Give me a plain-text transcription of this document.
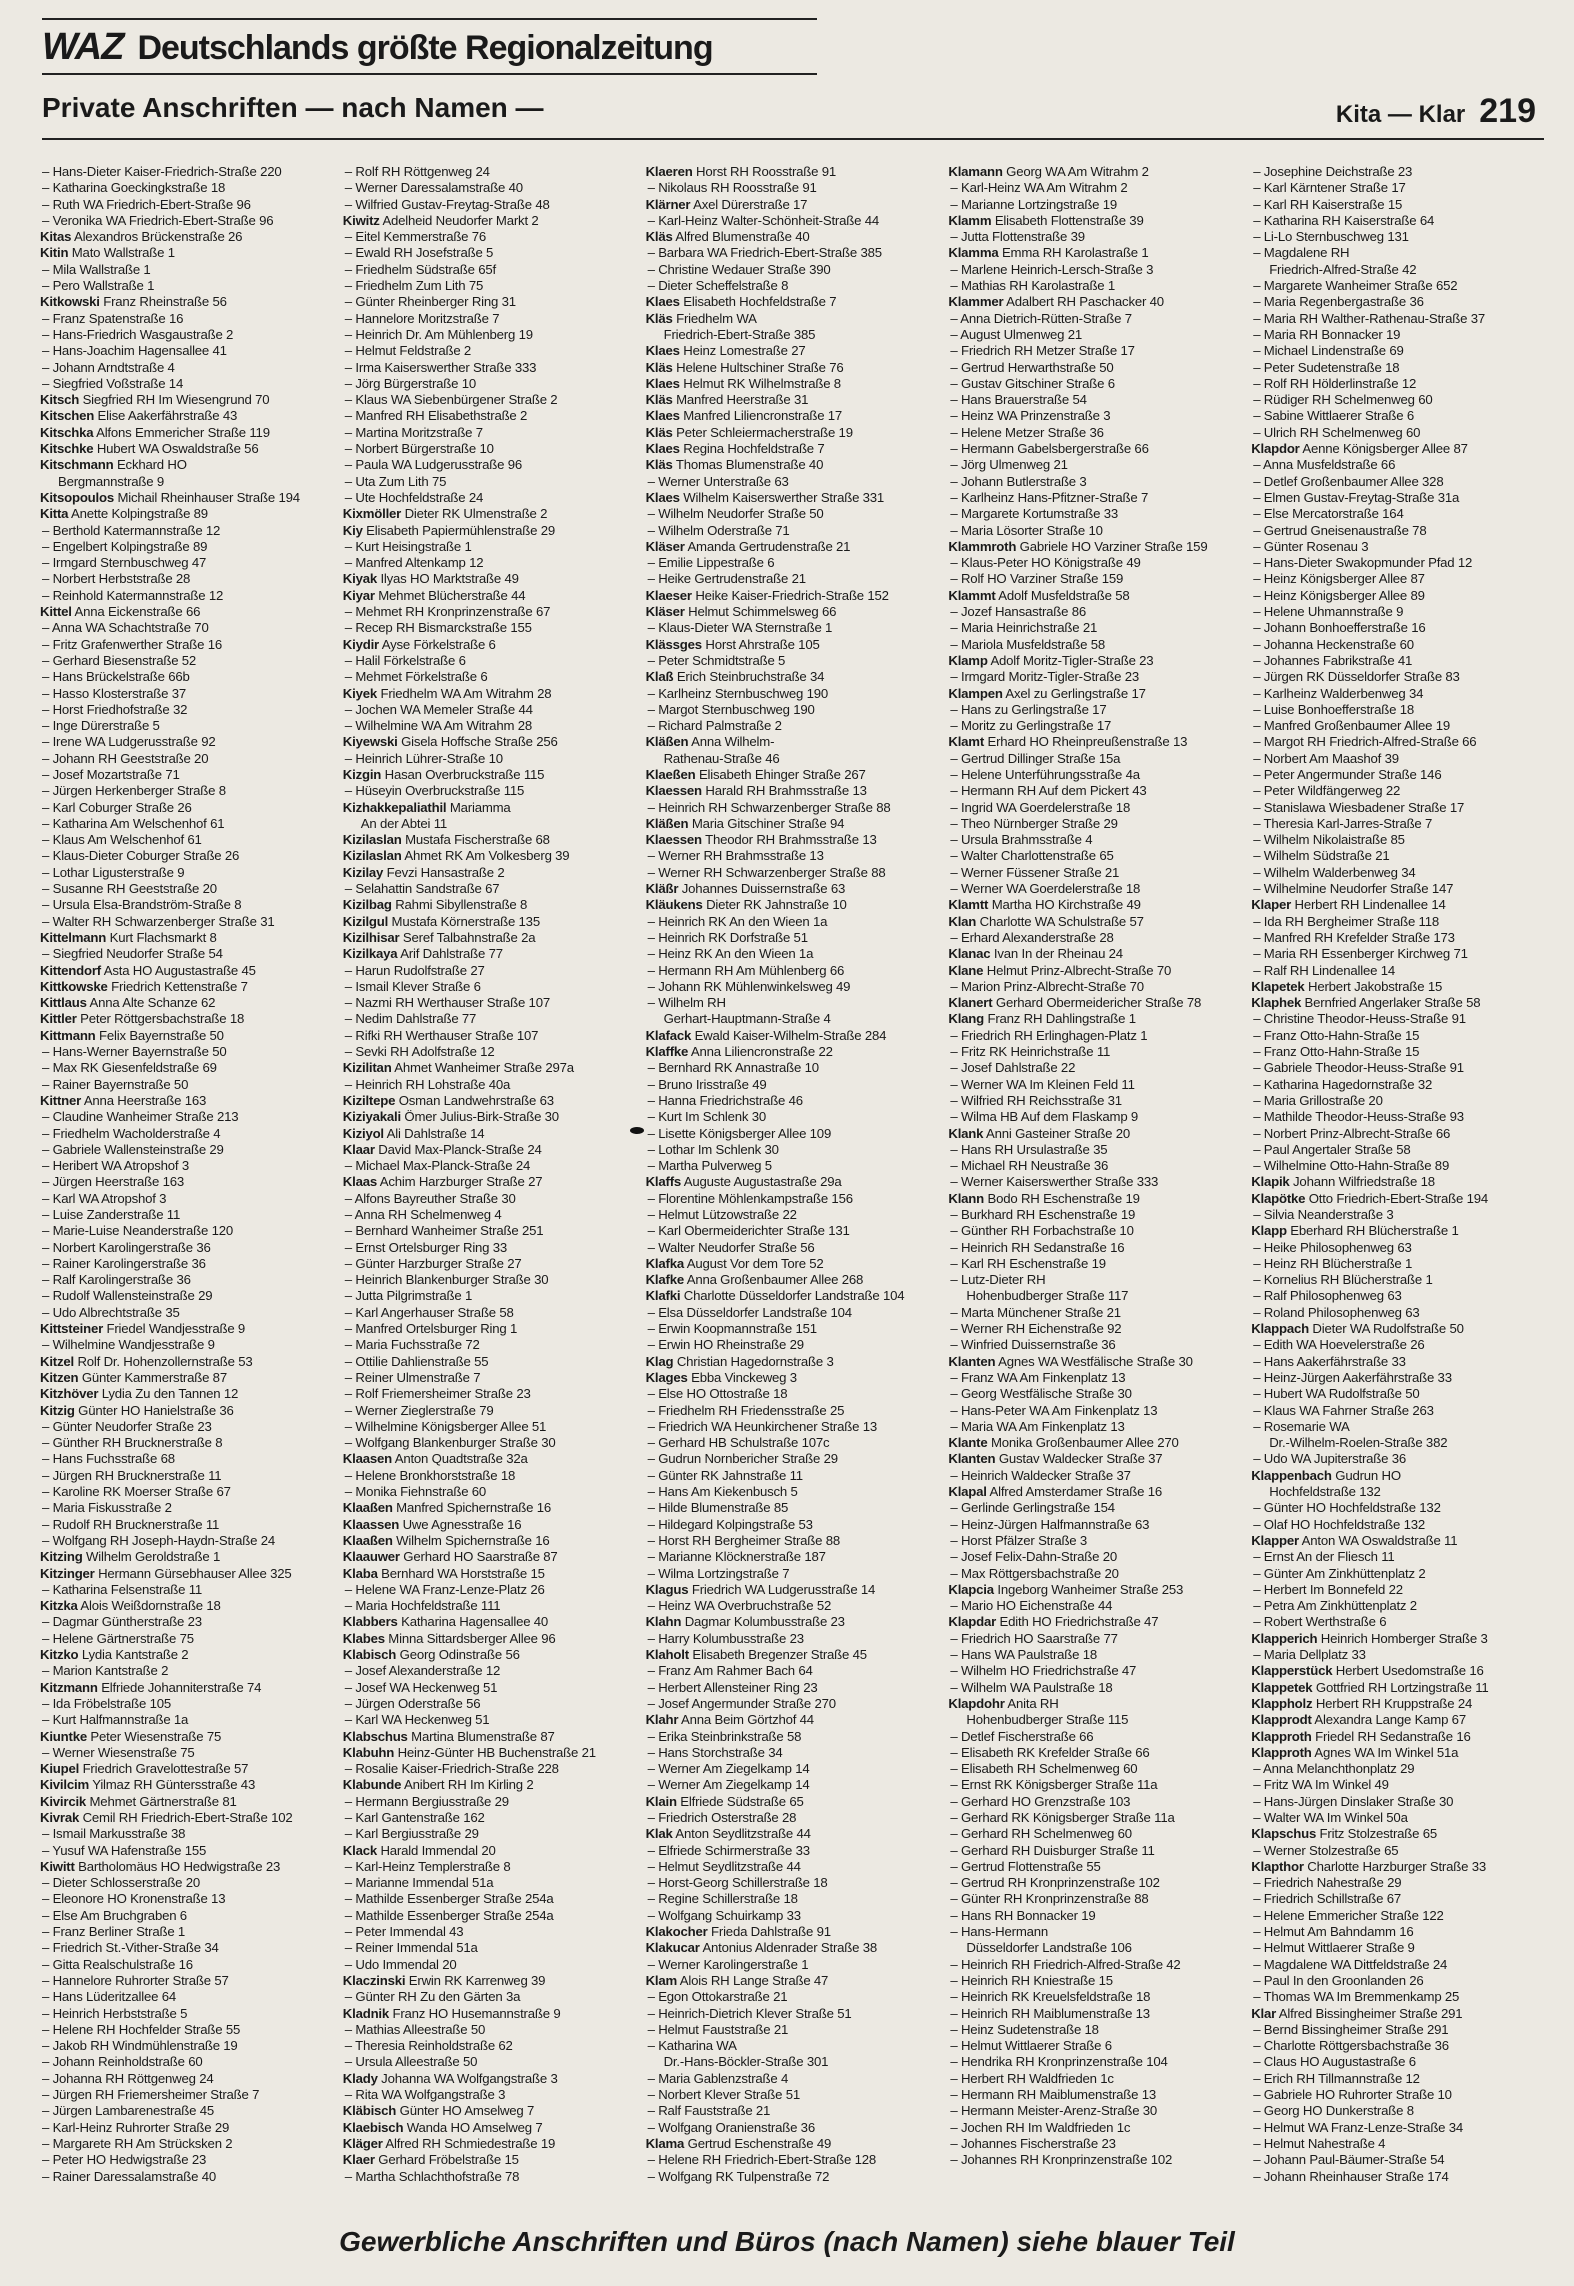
WAZ Deutschlands größte Regionalzeitung
Private Anschriften — nach Namen —	Kita — Klar 219
– Hans-Dieter Kaiser-Friedrich-Straße 220
– Katharina Goeckingkstraße 18
– Ruth WA Friedrich-Ebert-Straße 96
– Veronika WA Friedrich-Ebert-Straße 96
Kitas Alexandros Brückenstraße 26
Kitin Mato Wallstraße 1
– Mila Wallstraße 1
– Pero Wallstraße 1
Kitkowski Franz Rheinstraße 56
– Franz Spatenstraße 16
– Hans-Friedrich Wasgaustraße 2
– Hans-Joachim Hagensallee 41
– Johann Arndtstraße 4
– Siegfried Voßstraße 14
Kitsch Siegfried RH Im Wiesengrund 70
Kitschen Elise Aakerfährstraße 43
Kitschka Alfons Emmericher Straße 119
Kitschke Hubert WA Oswaldstraße 56
Kitschmann Eckhard HO
Bergmannstraße 9
Kitsopoulos Michail Rheinhauser Straße 194
Kitta Anette Kolpingstraße 89
– Berthold Katermannstraße 12
– Engelbert Kolpingstraße 89
– Irmgard Sternbuschweg 47
– Norbert Herbststraße 28
– Reinhold Katermannstraße 12
Kittel Anna Eickenstraße 66
– Anna WA Schachtstraße 70
– Fritz Grafenwerther Straße 16
– Gerhard Biesenstraße 52
– Hans Brückelstraße 66b
– Hasso Klosterstraße 37
– Horst Friedhofstraße 32
– Inge Dürerstraße 5
– Irene WA Ludgerusstraße 92
– Johann RH Geeststraße 20
– Josef Mozartstraße 71
– Jürgen Herkenberger Straße 8
– Karl Coburger Straße 26
– Katharina Am Welschenhof 61
– Klaus Am Welschenhof 61
– Klaus-Dieter Coburger Straße 26
– Lothar Ligusterstraße 9
– Susanne RH Geeststraße 20
– Ursula Elsa-Brandström-Straße 8
– Walter RH Schwarzenberger Straße 31
Kittelmann Kurt Flachsmarkt 8
– Siegfried Neudorfer Straße 54
Kittendorf Asta HO Augustastraße 45
Kittkowske Friedrich Kettenstraße 7
Kittlaus Anna Alte Schanze 62
Kittler Peter Röttgersbachstraße 18
Kittmann Felix Bayernstraße 50
– Hans-Werner Bayernstraße 50
– Max RK Giesenfeldstraße 69
– Rainer Bayernstraße 50
Kittner Anna Heerstraße 163
– Claudine Wanheimer Straße 213
– Friedhelm Wacholderstraße 4
– Gabriele Wallensteinstraße 29
– Heribert WA Atropshof 3
– Jürgen Heerstraße 163
– Karl WA Atropshof 3
– Luise Zanderstraße 11
– Marie-Luise Neanderstraße 120
– Norbert Karolingerstraße 36
– Rainer Karolingerstraße 36
– Ralf Karolingerstraße 36
– Rudolf Wallensteinstraße 29
– Udo Albrechtstraße 35
Kittsteiner Friedel Wandjesstraße 9
– Wilhelmine Wandjesstraße 9
Kitzel Rolf Dr. Hohenzollernstraße 53
Kitzen Günter Kammerstraße 87
Kitzhöver Lydia Zu den Tannen 12
Kitzig Günter HO Hanielstraße 36
– Günter Neudorfer Straße 23
– Günther RH Brucknerstraße 8
– Hans Fuchsstraße 68
– Jürgen RH Brucknerstraße 11
– Karoline RK Moerser Straße 67
– Maria Fiskusstraße 2
– Rudolf RH Brucknerstraße 11
– Wolfgang RH Joseph-Haydn-Straße 24
Kitzing Wilhelm Geroldstraße 1
Kitzinger Hermann Gürsebhauser Allee 325
– Katharina Felsenstraße 11
Kitzka Alois Weißdornstraße 18
– Dagmar Güntherstraße 23
– Helene Gärtnerstraße 75
Kitzko Lydia Kantstraße 2
– Marion Kantstraße 2
Kitzmann Elfriede Johanniterstraße 74
– Ida Fröbelstraße 105
– Kurt Halfmannstraße 1a
Kiuntke Peter Wiesenstraße 75
– Werner Wiesenstraße 75
Kiupel Friedrich Gravelottestraße 57
Kivilcim Yilmaz RH Güntersstraße 43
Kivircik Mehmet Gärtnerstraße 81
Kivrak Cemil RH Friedrich-Ebert-Straße 102
– Ismail Markusstraße 38
– Yusuf WA Hafenstraße 155
Kiwitt Bartholomäus HO Hedwigstraße 23
– Dieter Schlosserstraße 20
– Eleonore HO Kronenstraße 13
– Else Am Bruchgraben 6
– Franz Berliner Straße 1
– Friedrich St.-Vither-Straße 34
– Gitta Realschulstraße 16
– Hannelore Ruhrorter Straße 57
– Hans Lüderitzallee 64
– Heinrich Herbststraße 5
– Helene RH Hochfelder Straße 55
– Jakob RH Windmühlenstraße 19
– Johann Reinholdstraße 60
– Johanna RH Röttgenweg 24
– Jürgen RH Friemersheimer Straße 7
– Jürgen Lambarenestraße 45
– Karl-Heinz Ruhrorter Straße 29
– Margarete RH Am Strücksken 2
– Peter HO Hedwigstraße 23
– Rainer Daressalamstraße 40
– Rolf RH Röttgenweg 24
– Werner Daressalamstraße 40
– Wilfried Gustav-Freytag-Straße 48
Kiwitz Adelheid Neudorfer Markt 2
– Eitel Kemmerstraße 76
– Ewald RH Josefstraße 5
– Friedhelm Südstraße 65f
– Friedhelm Zum Lith 75
– Günter Rheinberger Ring 31
– Hannelore Moritzstraße 7
– Heinrich Dr. Am Mühlenberg 19
– Helmut Feldstraße 2
– Irma Kaiserswerther Straße 333
– Jörg Bürgerstraße 10
– Klaus WA Siebenbürgener Straße 2
– Manfred RH Elisabethstraße 2
– Martina Moritzstraße 7
– Norbert Bürgerstraße 10
– Paula WA Ludgerusstraße 96
– Uta Zum Lith 75
– Ute Hochfeldstraße 24
Kixmöller Dieter RK Ulmenstraße 2
Kiy Elisabeth Papiermühlenstraße 29
– Kurt Heisingstraße 1
– Manfred Altenkamp 12
Kiyak Ilyas HO Marktstraße 49
Kiyar Mehmet Blücherstraße 44
– Mehmet RH Kronprinzenstraße 67
– Recep RH Bismarckstraße 155
Kiydir Ayse Förkelstraße 6
– Halil Förkelstraße 6
– Mehmet Förkelstraße 6
Kiyek Friedhelm WA Am Witrahm 28
– Jochen WA Memeler Straße 44
– Wilhelmine WA Am Witrahm 28
Kiyewski Gisela Hoffsche Straße 256
– Heinrich Lührer-Straße 10
Kizgin Hasan Overbruckstraße 115
– Hüseyin Overbruckstraße 115
Kizhakkepaliathil Mariamma
An der Abtei 11
Kizilaslan Mustafa Fischerstraße 68
Kizilaslan Ahmet RK Am Volkesberg 39
Kizilay Fevzi Hansastraße 2
– Selahattin Sandstraße 67
Kizilbag Rahmi Sibyllenstraße 8
Kizilgul Mustafa Körnerstraße 135
Kizilhisar Seref Talbahnstraße 2a
Kizilkaya Arif Dahlstraße 77
– Harun Rudolfstraße 27
– Ismail Klever Straße 6
– Nazmi RH Werthauser Straße 107
– Nedim Dahlstraße 77
– Rifki RH Werthauser Straße 107
– Sevki RH Adolfstraße 12
Kizilitan Ahmet Wanheimer Straße 297a
– Heinrich RH Lohstraße 40a
Kiziltepe Osman Landwehrstraße 63
Kiziyakali Ömer Julius-Birk-Straße 30
Kiziyol Ali Dahlstraße 14
Klaar David Max-Planck-Straße 24
– Michael Max-Planck-Straße 24
Klaas Achim Harzburger Straße 27
– Alfons Bayreuther Straße 30
– Anna RH Schelmenweg 4
– Bernhard Wanheimer Straße 251
– Ernst Ortelsburger Ring 33
– Günter Harzburger Straße 27
– Heinrich Blankenburger Straße 30
– Jutta Pilgrimstraße 1
– Karl Angerhauser Straße 58
– Manfred Ortelsburger Ring 1
– Maria Fuchsstraße 72
– Ottilie Dahlienstraße 55
– Reiner Ulmenstraße 7
– Rolf Friemersheimer Straße 23
– Werner Zieglerstraße 79
– Wilhelmine Königsberger Allee 51
– Wolfgang Blankenburger Straße 30
Klaasen Anton Quadtstraße 32a
– Helene Bronkhorststraße 18
– Monika Fiehnstraße 60
Klaaßen Manfred Spichernstraße 16
Klaassen Uwe Agnesstraße 16
Klaaßen Wilhelm Spichernstraße 16
Klaauwer Gerhard HO Saarstraße 87
Klaba Bernhard WA Horststraße 15
– Helene WA Franz-Lenze-Platz 26
– Maria Hochfeldstraße 111
Klabbers Katharina Hagensallee 40
Klabes Minna Sittardsberger Allee 96
Klabisch Georg Odinstraße 56
– Josef Alexanderstraße 12
– Josef WA Heckenweg 51
– Jürgen Oderstraße 56
– Karl WA Heckenweg 51
Klabschus Martina Blumenstraße 87
Klabuhn Heinz-Günter HB Buchenstraße 21
– Rosalie Kaiser-Friedrich-Straße 228
Klabunde Anibert RH Im Kirling 2
– Hermann Bergiusstraße 29
– Karl Gantenstraße 162
– Karl Bergiusstraße 29
Klack Harald Immendal 20
– Karl-Heinz Templerstraße 8
– Marianne Immendal 51a
– Mathilde Essenberger Straße 254a
– Mathilde Essenberger Straße 254a
– Peter Immendal 43
– Reiner Immendal 51a
– Udo Immendal 20
Klaczinski Erwin RK Karrenweg 39
– Günter RH Zu den Gärten 3a
Kladnik Franz HO Husemannstraße 9
– Mathias Alleestraße 50
– Theresia Reinholdstraße 62
– Ursula Alleestraße 50
Klady Johanna WA Wolfgangstraße 3
– Rita WA Wolfgangstraße 3
Kläbisch Günter HO Amselweg 7
Klaebisch Wanda HO Amselweg 7
Kläger Alfred RH Schmiedestraße 19
Klaer Gerhard Fröbelstraße 15
– Martha Schlachthofstraße 78
Klaeren Horst RH Roosstraße 91
– Nikolaus RH Roosstraße 91
Klärner Axel Dürerstraße 17
– Karl-Heinz Walter-Schönheit-Straße 44
Kläs Alfred Blumenstraße 40
– Barbara WA Friedrich-Ebert-Straße 385
– Christine Wedauer Straße 390
– Dieter Scheffelstraße 8
Klaes Elisabeth Hochfeldstraße 7
Kläs Friedhelm WA
Friedrich-Ebert-Straße 385
Klaes Heinz Lomestraße 27
Kläs Helene Hultschiner Straße 76
Klaes Helmut RK Wilhelmstraße 8
Kläs Manfred Heerstraße 31
Klaes Manfred Liliencronstraße 17
Kläs Peter Schleiermacherstraße 19
Klaes Regina Hochfeldstraße 7
Kläs Thomas Blumenstraße 40
– Werner Unterstraße 63
Klaes Wilhelm Kaiserswerther Straße 331
– Wilhelm Neudorfer Straße 50
– Wilhelm Oderstraße 71
Kläser Amanda Gertrudenstraße 21
– Emilie Lippestraße 6
– Heike Gertrudenstraße 21
Klaeser Heike Kaiser-Friedrich-Straße 152
Kläser Helmut Schimmelsweg 66
– Klaus-Dieter WA Sternstraße 1
Klässges Horst Ahrstraße 105
– Peter Schmidtstraße 5
Klaß Erich Steinbruchstraße 34
– Karlheinz Sternbuschweg 190
– Margot Sternbuschweg 190
– Richard Palmstraße 2
Kläßen Anna Wilhelm-
Rathenau-Straße 46
Klaeßen Elisabeth Ehinger Straße 267
Klaessen Harald RH Brahmsstraße 13
– Heinrich RH Schwarzenberger Straße 88
Kläßen Maria Gitschiner Straße 94
Klaessen Theodor RH Brahmsstraße 13
– Werner RH Brahmsstraße 13
– Werner RH Schwarzenberger Straße 88
Kläßr Johannes Duissernstraße 63
Kläukens Dieter RK Jahnstraße 10
– Heinrich RK An den Wieen 1a
– Heinrich RK Dorfstraße 51
– Heinz RK An den Wieen 1a
– Hermann RH Am Mühlenberg 66
– Johann RK Mühlenwinkelsweg 49
– Wilhelm RH
Gerhart-Hauptmann-Straße 4
Klafack Ewald Kaiser-Wilhelm-Straße 284
Klaffke Anna Liliencronstraße 22
– Bernhard RK Annastraße 10
– Bruno Irisstraße 49
– Hanna Friedrichstraße 46
– Kurt Im Schlenk 30
– Lisette Königsberger Allee 109
– Lothar Im Schlenk 30
– Martha Pulverweg 5
Klaffs Auguste Augustastraße 29a
– Florentine Möhlenkampstraße 156
– Helmut Lützowstraße 22
– Karl Obermeiderichter Straße 131
– Walter Neudorfer Straße 56
Klafka August Vor dem Tore 52
Klafke Anna Großenbaumer Allee 268
Klafki Charlotte Düsseldorfer Landstraße 104
– Elsa Düsseldorfer Landstraße 104
– Erwin Koopmannstraße 151
– Erwin HO Rheinstraße 29
Klag Christian Hagedornstraße 3
Klages Ebba Vinckeweg 3
– Else HO Ottostraße 18
– Friedhelm RH Friedensstraße 25
– Friedrich WA Heunkirchener Straße 13
– Gerhard HB Schulstraße 107c
– Gudrun Nornbericher Straße 29
– Günter RK Jahnstraße 11
– Hans Am Kiekenbusch 5
– Hilde Blumenstraße 85
– Hildegard Kolpingstraße 53
– Horst RH Bergheimer Straße 88
– Marianne Klöcknerstraße 187
– Wilma Lortzingstraße 7
Klagus Friedrich WA Ludgerusstraße 14
– Heinz WA Overbruchstraße 52
Klahn Dagmar Kolumbusstraße 23
– Harry Kolumbusstraße 23
Klaholt Elisabeth Bregenzer Straße 45
– Franz Am Rahmer Bach 64
– Herbert Allensteiner Ring 23
– Josef Angermunder Straße 270
Klahr Anna Beim Görtzhof 44
– Erika Steinbrinkstraße 58
– Hans Storchstraße 34
– Werner Am Ziegelkamp 14
– Werner Am Ziegelkamp 14
Klain Elfriede Südstraße 65
– Friedrich Osterstraße 28
Klak Anton Seydlitzstraße 44
– Elfriede Schirmerstraße 33
– Helmut Seydlitzstraße 44
– Horst-Georg Schillerstraße 18
– Regine Schillerstraße 18
– Wolfgang Schuirkamp 33
Klakocher Frieda Dahlstraße 91
Klakucar Antonius Aldenrader Straße 38
– Werner Karolingerstraße 1
Klam Alois RH Lange Straße 47
– Egon Ottokarstraße 21
– Heinrich-Dietrich Klever Straße 51
– Helmut Fauststraße 21
– Katharina WA
Dr.-Hans-Böckler-Straße 301
– Maria Gablenzstraße 4
– Norbert Klever Straße 51
– Ralf Fauststraße 21
– Wolfgang Oranienstraße 36
Klama Gertrud Eschenstraße 49
– Helene RH Friedrich-Ebert-Straße 128
– Wolfgang RK Tulpenstraße 72
Klamann Georg WA Am Witrahm 2
– Karl-Heinz WA Am Witrahm 2
– Marianne Lortzingstraße 19
Klamm Elisabeth Flottenstraße 39
– Jutta Flottenstraße 39
Klamma Emma RH Karolastraße 1
– Marlene Heinrich-Lersch-Straße 3
– Mathias RH Karolastraße 1
Klammer Adalbert RH Paschacker 40
– Anna Dietrich-Rütten-Straße 7
– August Ulmenweg 21
– Friedrich RH Metzer Straße 17
– Gertrud Herwarthstraße 50
– Gustav Gitschiner Straße 6
– Hans Brauerstraße 54
– Heinz WA Prinzenstraße 3
– Helene Metzer Straße 36
– Hermann Gabelsbergerstraße 66
– Jörg Ulmenweg 21
– Johann Butlerstraße 3
– Karlheinz Hans-Pfitzner-Straße 7
– Margarete Kortumstraße 33
– Maria Lösorter Straße 10
Klammroth Gabriele HO Varziner Straße 159
– Klaus-Peter HO Königstraße 49
– Rolf HO Varziner Straße 159
Klammt Adolf Musfeldstraße 58
– Jozef Hansastraße 86
– Maria Heinrichstraße 21
– Mariola Musfeldstraße 58
Klamp Adolf Moritz-Tigler-Straße 23
– Irmgard Moritz-Tigler-Straße 23
Klampen Axel zu Gerlingstraße 17
– Hans zu Gerlingstraße 17
– Moritz zu Gerlingstraße 17
Klamt Erhard HO Rheinpreußenstraße 13
– Gertrud Dillinger Straße 15a
– Helene Unterführungsstraße 4a
– Hermann RH Auf dem Pickert 43
– Ingrid WA Goerdelerstraße 18
– Theo Nürnberger Straße 29
– Ursula Brahmsstraße 4
– Walter Charlottenstraße 65
– Werner Füssener Straße 21
– Werner WA Goerdelerstraße 18
Klamtt Martha HO Kirchstraße 49
Klan Charlotte WA Schulstraße 57
– Erhard Alexanderstraße 28
Klanac Ivan In der Rheinau 24
Klane Helmut Prinz-Albrecht-Straße 70
– Marion Prinz-Albrecht-Straße 70
Klanert Gerhard Obermeidericher Straße 78
Klang Franz RH Dahlingstraße 1
– Friedrich RH Erlinghagen-Platz 1
– Fritz RK Heinrichstraße 11
– Josef Dahlstraße 22
– Werner WA Im Kleinen Feld 11
– Wilfried RH Reichsstraße 31
– Wilma HB Auf dem Flaskamp 9
Klank Anni Gasteiner Straße 20
– Hans RH Ursulastraße 35
– Michael RH Neustraße 36
– Werner Kaiserswerther Straße 333
Klann Bodo RH Eschenstraße 19
– Burkhard RH Eschenstraße 19
– Günther RH Forbachstraße 10
– Heinrich RH Sedanstraße 16
– Karl RH Eschenstraße 19
– Lutz-Dieter RH
Hohenbudberger Straße 117
– Marta Münchener Straße 21
– Werner RH Eichenstraße 92
– Winfried Duissernstraße 36
Klanten Agnes WA Westfälische Straße 30
– Franz WA Am Finkenplatz 13
– Georg Westfälische Straße 30
– Hans-Peter WA Am Finkenplatz 13
– Maria WA Am Finkenplatz 13
Klante Monika Großenbaumer Allee 270
Klanten Gustav Waldecker Straße 37
– Heinrich Waldecker Straße 37
Klapal Alfred Amsterdamer Straße 16
– Gerlinde Gerlingstraße 154
– Heinz-Jürgen Halfmannstraße 63
– Horst Pfälzer Straße 3
– Josef Felix-Dahn-Straße 20
– Max Röttgersbachstraße 20
Klapcia Ingeborg Wanheimer Straße 253
– Mario HO Eichenstraße 44
Klapdar Edith HO Friedrichstraße 47
– Friedrich HO Saarstraße 77
– Hans WA Paulstraße 18
– Wilhelm HO Friedrichstraße 47
– Wilhelm WA Paulstraße 18
Klapdohr Anita RH
Hohenbudberger Straße 115
– Detlef Fischerstraße 66
– Elisabeth RK Krefelder Straße 66
– Elisabeth RH Schelmenweg 60
– Ernst RK Königsberger Straße 11a
– Gerhard HO Grenzstraße 103
– Gerhard RK Königsberger Straße 11a
– Gerhard RH Schelmenweg 60
– Gerhard RH Duisburger Straße 11
– Gertrud Flottenstraße 55
– Gertrud RH Kronprinzenstraße 102
– Günter RH Kronprinzenstraße 88
– Hans RH Bonnacker 19
– Hans-Hermann
Düsseldorfer Landstraße 106
– Heinrich RH Friedrich-Alfred-Straße 42
– Heinrich RH Kniestraße 15
– Heinrich RK Kreuelsfeldstraße 18
– Heinrich RH Maiblumenstraße 13
– Heinz Sudetenstraße 18
– Helmut Wittlaerer Straße 6
– Hendrika RH Kronprinzenstraße 104
– Herbert RH Waldfrieden 1c
– Hermann RH Maiblumenstraße 13
– Hermann Meister-Arenz-Straße 30
– Jochen RH Im Waldfrieden 1c
– Johannes Fischerstraße 23
– Johannes RH Kronprinzenstraße 102
– Josephine Deichstraße 23
– Karl Kärntener Straße 17
– Karl RH Kaiserstraße 15
– Katharina RH Kaiserstraße 64
– Li-Lo Sternbuschweg 131
– Magdalene RH
Friedrich-Alfred-Straße 42
– Margarete Wanheimer Straße 652
– Maria Regenbergastraße 36
– Maria RH Walther-Rathenau-Straße 37
– Maria RH Bonnacker 19
– Michael Lindenstraße 69
– Peter Sudetenstraße 18
– Rolf RH Hölderlinstraße 12
– Rüdiger RH Schelmenweg 60
– Sabine Wittlaerer Straße 6
– Ulrich RH Schelmenweg 60
Klapdor Aenne Königsberger Allee 87
– Anna Musfeldstraße 66
– Detlef Großenbaumer Allee 328
– Elmen Gustav-Freytag-Straße 31a
– Else Mercatorstraße 164
– Gertrud Gneisenaustraße 78
– Günter Rosenau 3
– Hans-Dieter Swakopmunder Pfad 12
– Heinz Königsberger Allee 87
– Heinz Königsberger Allee 89
– Helene Uhmannstraße 9
– Johann Bonhoefferstraße 16
– Johanna Heckenstraße 60
– Johannes Fabrikstraße 41
– Jürgen RK Düsseldorfer Straße 83
– Karlheinz Walderbenweg 34
– Luise Bonhoefferstraße 18
– Manfred Großenbaumer Allee 19
– Margot RH Friedrich-Alfred-Straße 66
– Norbert Am Maashof 39
– Peter Angermunder Straße 146
– Peter Wildfängerweg 22
– Stanislawa Wiesbadener Straße 17
– Theresia Karl-Jarres-Straße 7
– Wilhelm Nikolaistraße 85
– Wilhelm Südstraße 21
– Wilhelm Walderbenweg 34
– Wilhelmine Neudorfer Straße 147
Klaper Herbert RH Lindenallee 14
– Ida RH Bergheimer Straße 118
– Manfred RH Krefelder Straße 173
– Maria RH Essenberger Kirchweg 71
– Ralf RH Lindenallee 14
Klapetek Herbert Jakobstraße 15
Klaphek Bernfried Angerlaker Straße 58
– Christine Theodor-Heuss-Straße 91
– Franz Otto-Hahn-Straße 15
– Franz Otto-Hahn-Straße 15
– Gabriele Theodor-Heuss-Straße 91
– Katharina Hagedornstraße 32
– Maria Grillostraße 20
– Mathilde Theodor-Heuss-Straße 93
– Norbert Prinz-Albrecht-Straße 66
– Paul Angertaler Straße 58
– Wilhelmine Otto-Hahn-Straße 89
Klapik Johann Wilfriedstraße 18
Klapötke Otto Friedrich-Ebert-Straße 194
– Silvia Neanderstraße 3
Klapp Eberhard RH Blücherstraße 1
– Heike Philosophenweg 63
– Heinz RH Blücherstraße 1
– Kornelius RH Blücherstraße 1
– Ralf Philosophenweg 63
– Roland Philosophenweg 63
Klappach Dieter WA Rudolfstraße 50
– Edith WA Hoevelerstraße 26
– Hans Aakerfährstraße 33
– Heinz-Jürgen Aakerfährstraße 33
– Hubert WA Rudolfstraße 50
– Klaus WA Fahrner Straße 263
– Rosemarie WA
Dr.-Wilhelm-Roelen-Straße 382
– Udo WA Jupiterstraße 36
Klappenbach Gudrun HO
Hochfeldstraße 132
– Günter HO Hochfeldstraße 132
– Olaf HO Hochfeldstraße 132
Klapper Anton WA Oswaldstraße 11
– Ernst An der Fliesch 11
– Günter Am Zinkhüttenplatz 2
– Herbert Im Bonnefeld 22
– Petra Am Zinkhüttenplatz 2
– Robert Werthstraße 6
Klapperich Heinrich Homberger Straße 3
– Maria Dellplatz 33
Klapperstück Herbert Usedomstraße 16
Klappetek Gottfried RH Lortzingstraße 11
Klappholz Herbert RH Kruppstraße 24
Klapprodt Alexandra Lange Kamp 67
Klapproth Friedel RH Sedanstraße 16
Klapproth Agnes WA Im Winkel 51a
– Anna Melanchthonplatz 29
– Fritz WA Im Winkel 49
– Hans-Jürgen Dinslaker Straße 30
– Walter WA Im Winkel 50a
Klapschus Fritz Stolzestraße 65
– Werner Stolzestraße 65
Klapthor Charlotte Harzburger Straße 33
– Friedrich Nahestraße 29
– Friedrich Schillstraße 67
– Helene Emmericher Straße 122
– Helmut Am Bahndamm 16
– Helmut Wittlaerer Straße 9
– Magdalene WA Dittfeldstraße 24
– Paul In den Groonlanden 26
– Thomas WA Im Bremmenkamp 25
Klar Alfred Bissingheimer Straße 291
– Bernd Bissingheimer Straße 291
– Charlotte Röttgersbachstraße 36
– Claus HO Augustastraße 6
– Erich RH Tillmannstraße 12
– Gabriele HO Ruhrorter Straße 10
– Georg HO Dunkerstraße 8
– Helmut WA Franz-Lenze-Straße 34
– Helmut Nahestraße 4
– Johann Paul-Bäumer-Straße 54
– Johann Rheinhauser Straße 174
Gewerbliche Anschriften und Büros (nach Namen) siehe blauer Teil
